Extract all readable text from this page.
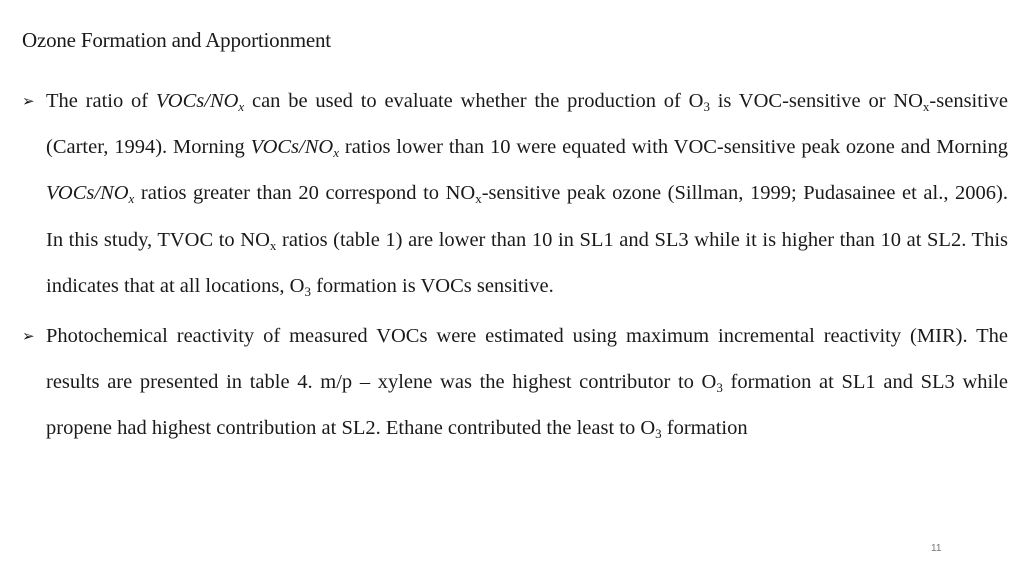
Ozone Formation and Apportionment
➢ The ratio of VOCs/$NO_x$ can be used to evaluate whether the production of $O_3$ is VOC-sensitive or $NO_x$-sensitive (Carter, 1994). Morning VOCs/$NO_x$ ratios lower than 10 were equated with VOC-sensitive peak ozone and Morning VOCs/$NO_x$ ratios greater than 20 correspond to $NO_x$-sensitive peak ozone (Sillman, 1999; Pudasainee et al., 2006). In this study, TVOC to $NO_x$ ratios (table 1) are lower than 10 in SL1 and SL3 while it is higher than 10 at SL2. This indicates that at all locations, $O_3$ formation is VOCs sensitive.
➢ Photochemical reactivity of measured VOCs were estimated using maximum incremental reactivity (MIR). The results are presented in table 4. m/p – xylene was the highest contributor to $O_3$ formation at SL1 and SL3 while propene had highest contribution at SL2. Ethane contributed the least to $O_3$ formation
11
